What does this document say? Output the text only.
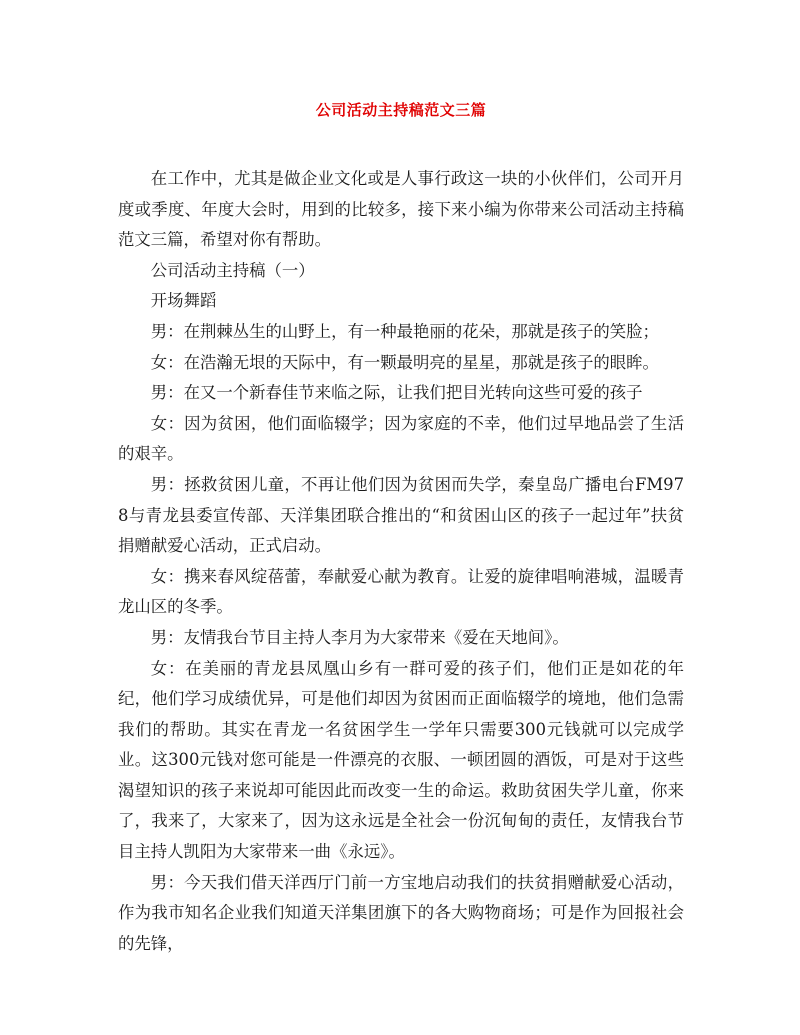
公司活动主持稿范文三篇

在工作中，尤其是做企业文化或是人事行政这一块的小伙伴们，公司开月度或季度、年度大会时，用到的比较多，接下来小编为你带来公司活动主持稿范文三篇，希望对你有帮助。

公司活动主持稿（一）

开场舞蹈

男：在荆棘丛生的山野上，有一种最艳丽的花朵，那就是孩子的笑脸；

女：在浩瀚无垠的天际中，有一颗最明亮的星星，那就是孩子的眼眸。

男：在又一个新春佳节来临之际，让我们把目光转向这些可爱的孩子

女：因为贫困，他们面临辍学；因为家庭的不幸，他们过早地品尝了生活的艰辛。

男：拯救贫困儿童，不再让他们因为贫困而失学，秦皇岛广播电台FM978与青龙县委宣传部、天洋集团联合推出的“和贫困山区的孩子一起过年”扶贫捐赠献爱心活动，正式启动。

女：携来春风绽蓓蕾，奉献爱心献为教育。让爱的旋律唱响港城，温暖青龙山区的冬季。

男：友情我台节目主持人李月为大家带来《爱在天地间》。

女：在美丽的青龙县凤凰山乡有一群可爱的孩子们，他们正是如花的年纪，他们学习成绩优异，可是他们却因为贫困而正面临辍学的境地，他们急需我们的帮助。其实在青龙一名贫困学生一学年只需要300元钱就可以完成学业。这300元钱对您可能是一件漂亮的衣服、一顿团圆的酒饭，可是对于这些渴望知识的孩子来说却可能因此而改变一生的命运。救助贫困失学儿童，你来了，我来了，大家来了，因为这永远是全社会一份沉甸甸的责任，友情我台节目主持人凯阳为大家带来一曲《永远》。

男：今天我们借天洋西厅门前一方宝地启动我们的扶贫捐赠献爱心活动，作为我市知名企业我们知道天洋集团旗下的各大购物商场；可是作为回报社会的先锋，
